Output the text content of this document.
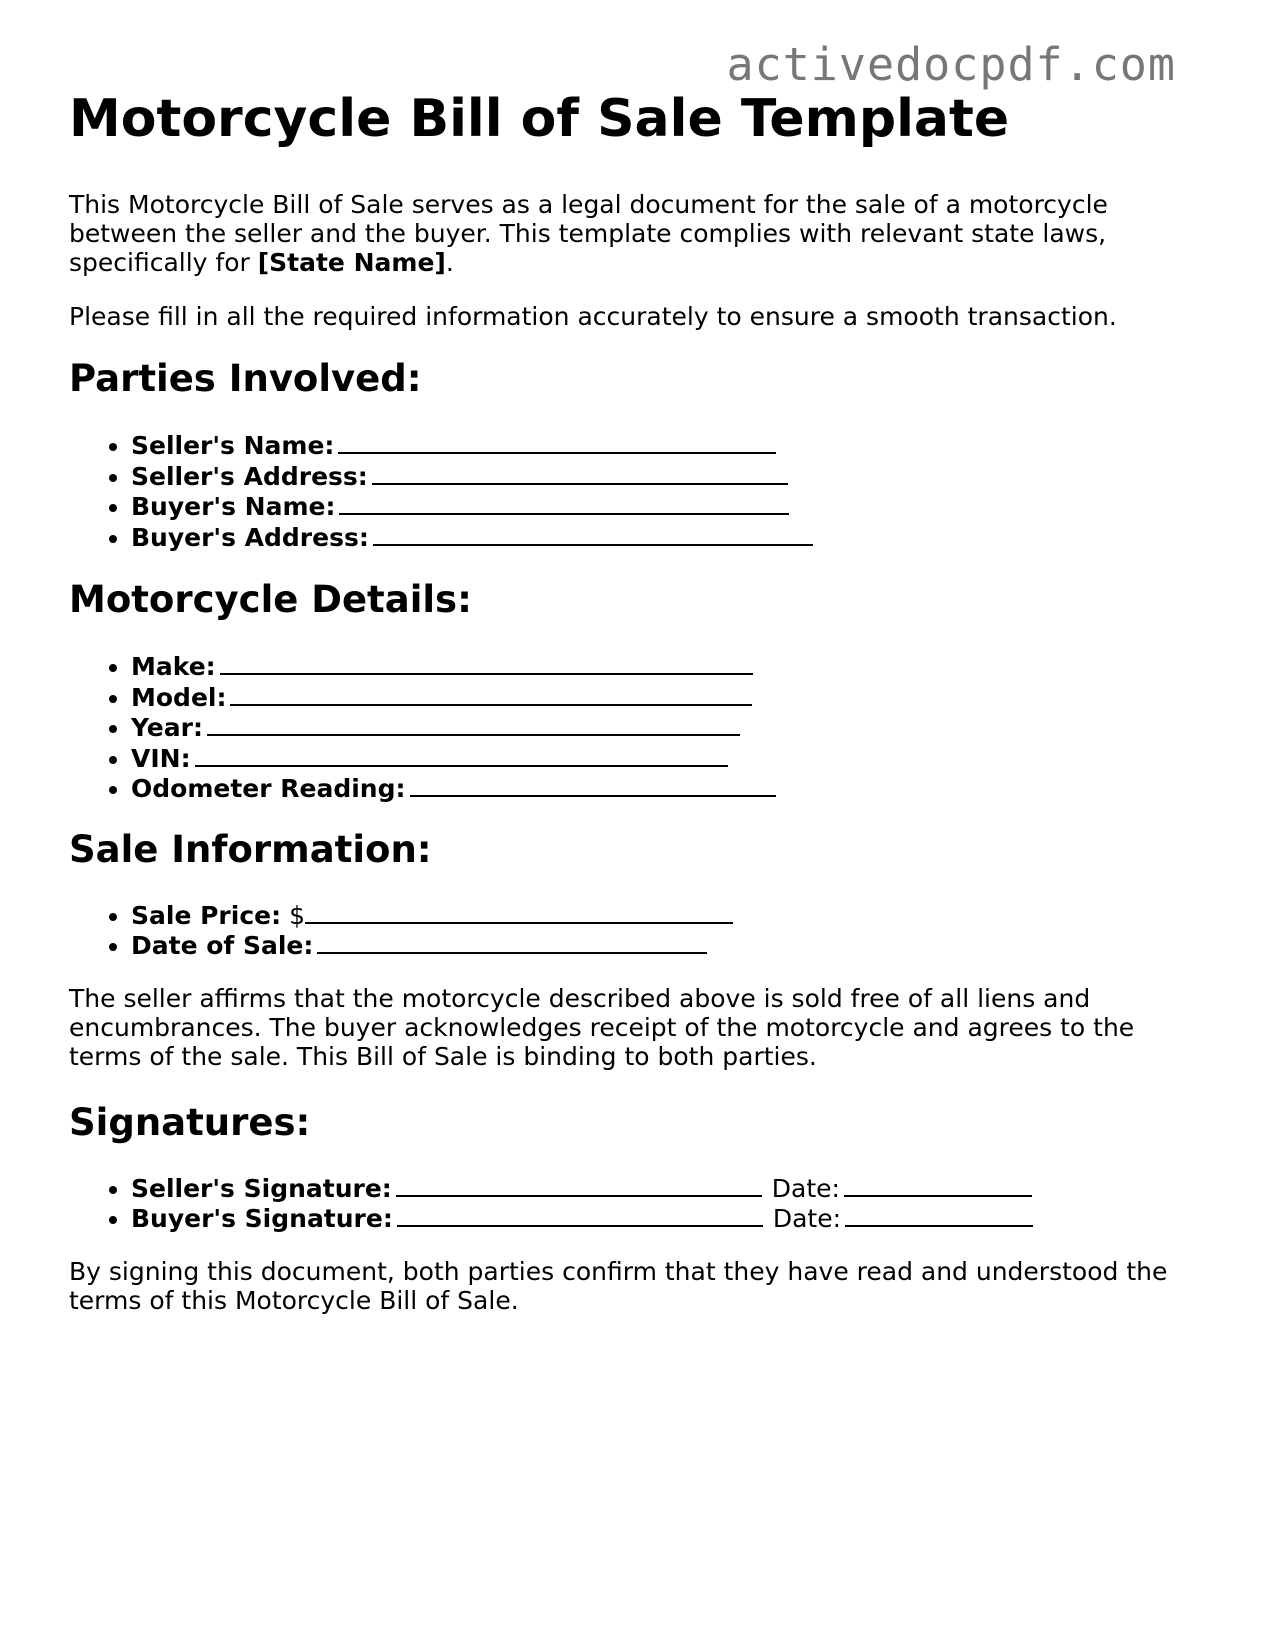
activedocpdf.com
Motorcycle Bill of Sale Template

This Motorcycle Bill of Sale serves as a legal document for the sale of a motorcycle between the seller and the buyer. This template complies with relevant state laws, specifically for [State Name].

Please fill in all the required information accurately to ensure a smooth transaction.

Parties Involved:
• Seller's Name:
• Seller's Address:
• Buyer's Name:
• Buyer's Address:
Motorcycle Details:
• Make:
• Model:
• Year:
• VIN:
• Odometer Reading:
Sale Information:
• Sale Price: $
• Date of Sale:

The seller affirms that the motorcycle described above is sold free of all liens and encumbrances. The buyer acknowledges receipt of the motorcycle and agrees to the terms of the sale. This Bill of Sale is binding to both parties.

Signatures:
• Seller's Signature:	Date:
• Buyer's Signature:	Date:

By signing this document, both parties confirm that they have read and understood the terms of this Motorcycle Bill of Sale.
